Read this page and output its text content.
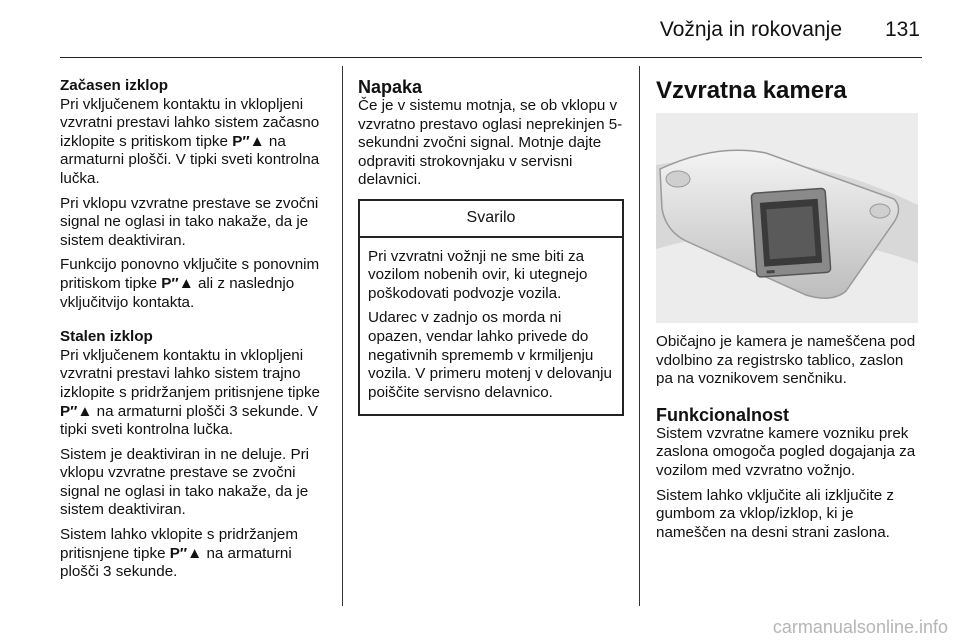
Vožnja in rokovanje 131
Začasen izklop

Pri vključenem kontaktu in vklopljeni vzvratni prestavi lahko sistem začasno izklopite s pritiskom tipke P″▲ na armaturni plošči. V tipki sveti kontrolna lučka.

Pri vklopu vzvratne prestave se zvočni signal ne oglasi in tako nakaže, da je sistem deaktiviran.

Funkcijo ponovno vključite s ponovnim pritiskom tipke P″▲ ali z naslednjo vključitvijo kontakta.

Stalen izklop

Pri vključenem kontaktu in vklopljeni vzvratni prestavi lahko sistem trajno izklopite s pridržanjem pritisnjene tipke P″▲ na armaturni plošči 3 sekunde. V tipki sveti kontrolna lučka.

Sistem je deaktiviran in ne deluje. Pri vklopu vzvratne prestave se zvočni signal ne oglasi in tako nakaže, da je sistem deaktiviran.

Sistem lahko vklopite s pridržanjem pritisnjene tipke P″▲ na armaturni plošči 3 sekunde.

Napaka

Če je v sistemu motnja, se ob vklopu v vzvratno prestavo oglasi neprekinjen 5-sekundni zvočni signal. Motnje dajte odpraviti strokovnjaku v servisni delavnici.

Svarilo

Pri vzvratni vožnji ne sme biti za vozilom nobenih ovir, ki utegnejo poškodovati podvozje vozila.

Udarec v zadnjo os morda ni opazen, vendar lahko privede do negativnih sprememb v krmiljenju vozila. V primeru motenj v delovanju poiščite servisno delavnico.

Vzvratna kamera

Običajno je kamera je nameščena pod vdolbino za registrsko tablico, zaslon pa na voznikovem senčniku.

Funkcionalnost

Sistem vzvratne kamere vozniku prek zaslona omogoča pogled dogajanja za vozilom med vzvratno vožnjo.

Sistem lahko vključite ali izključite z gumbom za vklop/izklop, ki je nameščen na desni strani zaslona.

carmanualsonline.info
